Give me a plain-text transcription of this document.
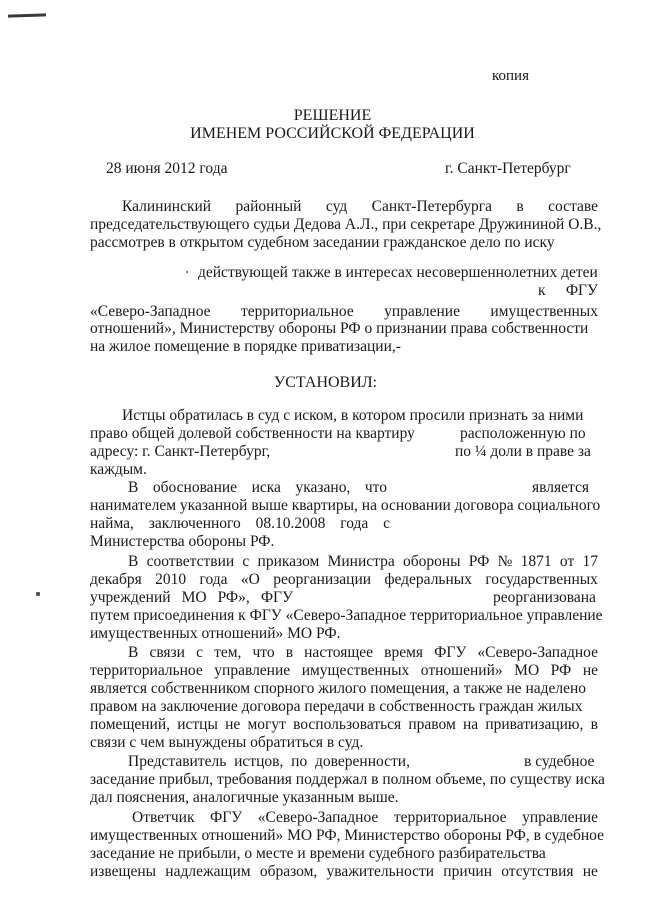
копия
РЕШЕНИЕ
ИМЕНЕМ РОССИЙСКОЙ ФЕДЕРАЦИИ
28 июня 2012 года	г. Санкт-Петербург
Калининский районный суд Санкт-Петербурга в составе
председательствующего судьи Дедова А.Л., при секретаре Дружининой О.В.,
рассмотрев в открытом судебном заседании гражданское дело по иску
действующей также в интересах несовершеннолетних детеи
к ФГУ
«Северо-Западное территориальное управление имущественных
отношений», Министерству обороны РФ о признании права собственности
на жилое помещение в порядке приватизации,-
УСТАНОВИЛ:
Истцы обратилась в суд с иском, в котором просили признать за ними
право общей долевой собственности на квартиру	расположенную по
адресу: г. Санкт-Петербург,	по ¼ доли в праве за
каждым.
В обоснование иска указано, что	является
нанимателем указанной выше квартиры, на основании договора социального
найма, заключенного 08.10.2008 года с
Министерства обороны РФ.
В соответствии с приказом Министра обороны РФ № 1871 от 17
декабря 2010 года «О реорганизации федеральных государственных
учреждений МО РФ», ФГУ	реорганизована
путем присоединения к ФГУ «Северо-Западное территориальное управление
имущественных отношений» МО РФ.
В связи с тем, что в настоящее время ФГУ «Северо-Западное
территориальное управление имущественных отношений» МО РФ не
является собственником спорного жилого помещения, а также не наделено
правом на заключение договора передачи в собственность граждан жилых
помещений, истцы не могут воспользоваться правом на приватизацию, в
связи с чем вынуждены обратиться в суд.
Представитель истцов, по доверенности,	в судебное
заседание прибыл, требования поддержал в полном объеме, по существу иска
дал пояснения, аналогичные указанным выше.
Ответчик ФГУ «Северо-Западное территориальное управление
имущественных отношений» МО РФ, Министерство обороны РФ, в судебное
заседание не прибыли, о месте и времени судебного разбирательства
извещены надлежащим образом, уважительности причин отсутствия не
